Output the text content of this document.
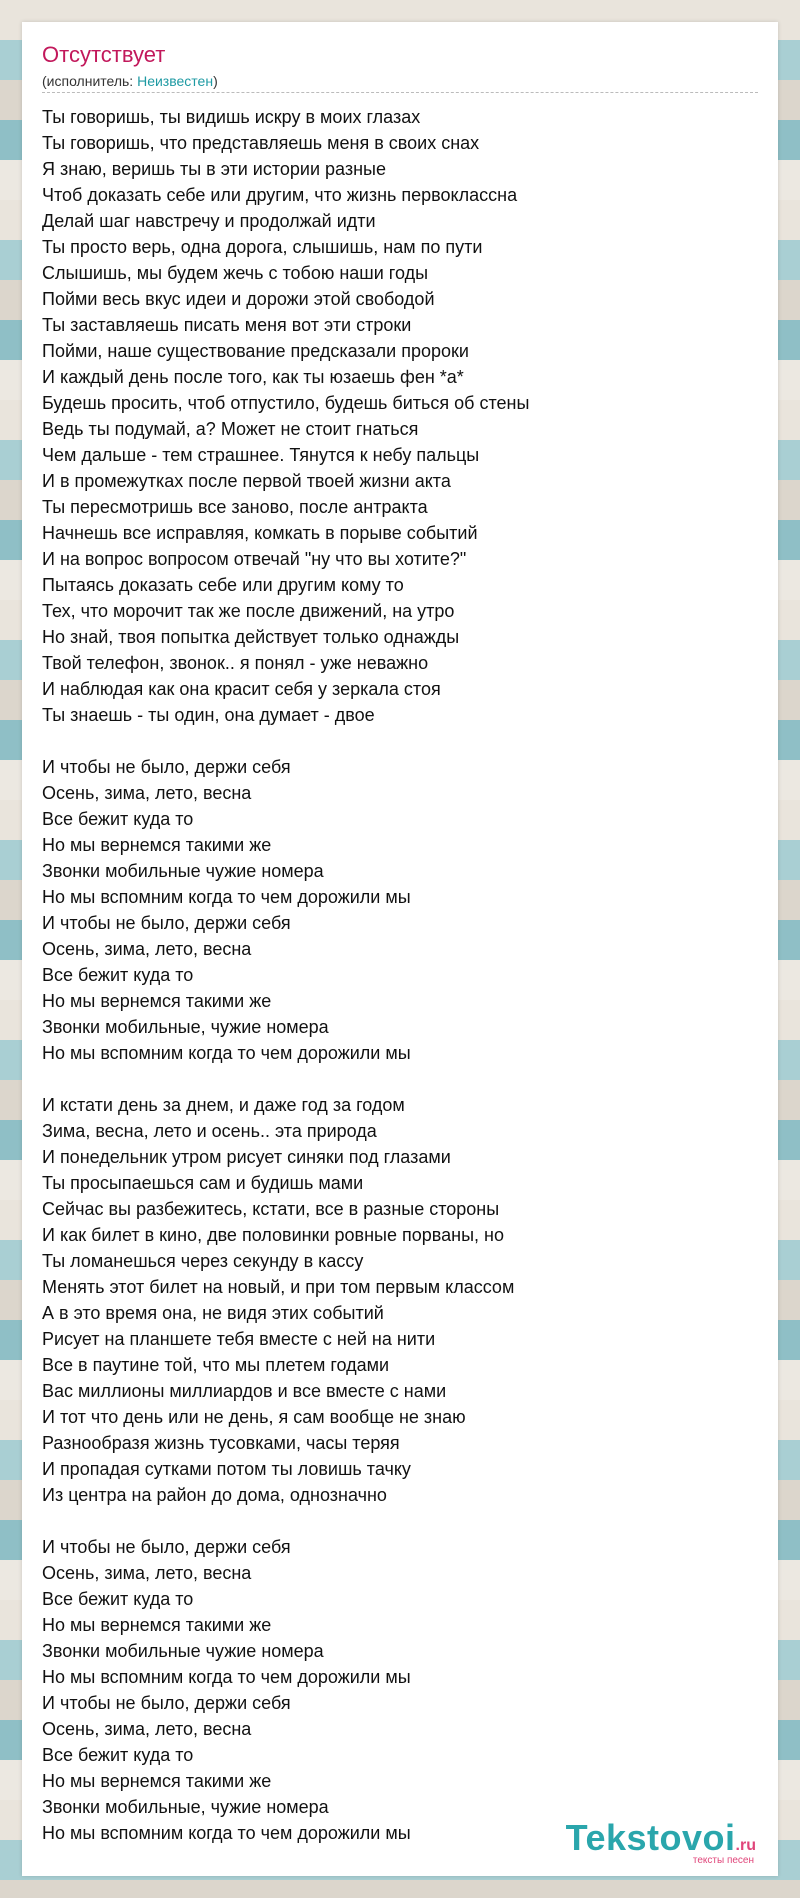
Отсутствует
(исполнитель: Неизвестен)
Ты говоришь, ты видишь искру в моих глазах
Ты говоришь, что представляешь меня в своих снах
Я знаю, веришь ты в эти истории разные
Чтоб доказать себе или другим, что жизнь первоклассна
Делай шаг навстречу и продолжай идти
Ты просто верь, одна дорога, слышишь, нам по пути
Слышишь, мы будем жечь с тобою наши годы
Пойми весь вкус идеи и дорожи этой свободой
Ты заставляешь писать меня вот эти строки
Пойми, наше существование предсказали пророки
И каждый день после того, как ты юзаешь фен *а*
Будешь просить, чтоб отпустило, будешь биться об стены
Ведь ты подумай, а? Может не стоит гнаться
Чем дальше - тем страшнее. Тянутся к небу пальцы
И в промежутках после первой твоей жизни акта
Ты пересмотришь все заново, после антракта
Начнешь все исправляя, комкать в порыве событий
И на вопрос вопросом отвечай "ну что вы хотите?"
Пытаясь доказать себе или другим кому то
Тех, что морочит так же после движений, на утро
Но знай, твоя попытка действует только однажды
Твой телефон, звонок.. я понял - уже неважно
И наблюдая как она красит себя у зеркала стоя
Ты знаешь - ты один, она думает - двое
И чтобы не было, держи себя
Осень, зима, лето, весна
Все бежит куда то
Но мы вернемся такими же
Звонки мобильные чужие номера
Но мы вспомним когда то чем дорожили мы
И чтобы не было, держи себя
Осень, зима, лето, весна
Все бежит куда то
Но мы вернемся такими же
Звонки мобильные, чужие номера
Но мы вспомним когда то чем дорожили мы
И кстати день за днем, и даже год за годом
Зима, весна, лето и осень.. эта природа
И понедельник утром рисует синяки под глазами
Ты просыпаешься сам и будишь мами
Сейчас вы разбежитесь, кстати, все в разные стороны
И как билет в кино, две половинки ровные порваны, но
Ты ломанешься через секунду в кассу
Менять этот билет на новый, и при том первым классом
А в это время она, не видя этих событий
Рисует на планшете тебя вместе с ней на нити
Все в паутине той, что мы плетем годами
Вас миллионы миллиардов и все вместе с нами
И тот что день или не день, я сам вообще не знаю
Разнообразя жизнь тусовками, часы теряя
И пропадая сутками потом ты ловишь тачку
Из центра на район до дома, однозначно
И чтобы не было, держи себя
Осень, зима, лето, весна
Все бежит куда то
Но мы вернемся такими же
Звонки мобильные чужие номера
Но мы вспомним когда то чем дорожили мы
И чтобы не было, держи себя
Осень, зима, лето, весна
Все бежит куда то
Но мы вернемся такими же
Звонки мобильные, чужие номера
Но мы вспомним когда то чем дорожили мы	Tekstovoi.ru
тексты песен
